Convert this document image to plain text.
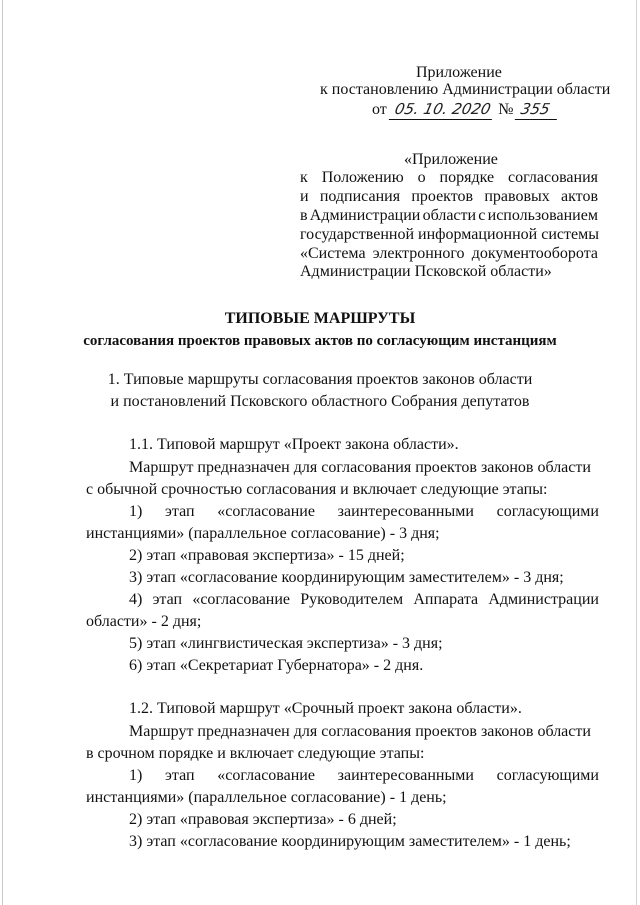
Приложение
к постановлению Администрации области
от 05. 10. 2020 № 355
«Приложение
к Положению о порядке согласования
и подписания проектов правовых актов
в Администрации области с использованием
государственной информационной системы
«Система электронного документооборота
Администрации Псковской области»
ТИПОВЫЕ МАРШРУТЫ
согласования проектов правовых актов по согласующим инстанциям
1. Типовые маршруты согласования проектов законов области
и постановлений Псковского областного Собрания депутатов
1.1. Типовой маршрут «Проект закона области».
Маршрут предназначен для согласования проектов законов области
с обычной срочностью согласования и включает следующие этапы:
1) этап «согласование заинтересованными согласующими
инстанциями» (параллельное согласование) - 3 дня;
2) этап «правовая экспертиза» - 15 дней;
3) этап «согласование координирующим заместителем» - 3 дня;
4) этап «согласование Руководителем Аппарата Администрации
области» - 2 дня;
5) этап «лингвистическая экспертиза» - 3 дня;
6) этап «Секретариат Губернатора» - 2 дня.
1.2. Типовой маршрут «Срочный проект закона области».
Маршрут предназначен для согласования проектов законов области
в срочном порядке и включает следующие этапы:
1) этап «согласование заинтересованными согласующими
инстанциями» (параллельное согласование) - 1 день;
2) этап «правовая экспертиза» - 6 дней;
3) этап «согласование координирующим заместителем» - 1 день;
